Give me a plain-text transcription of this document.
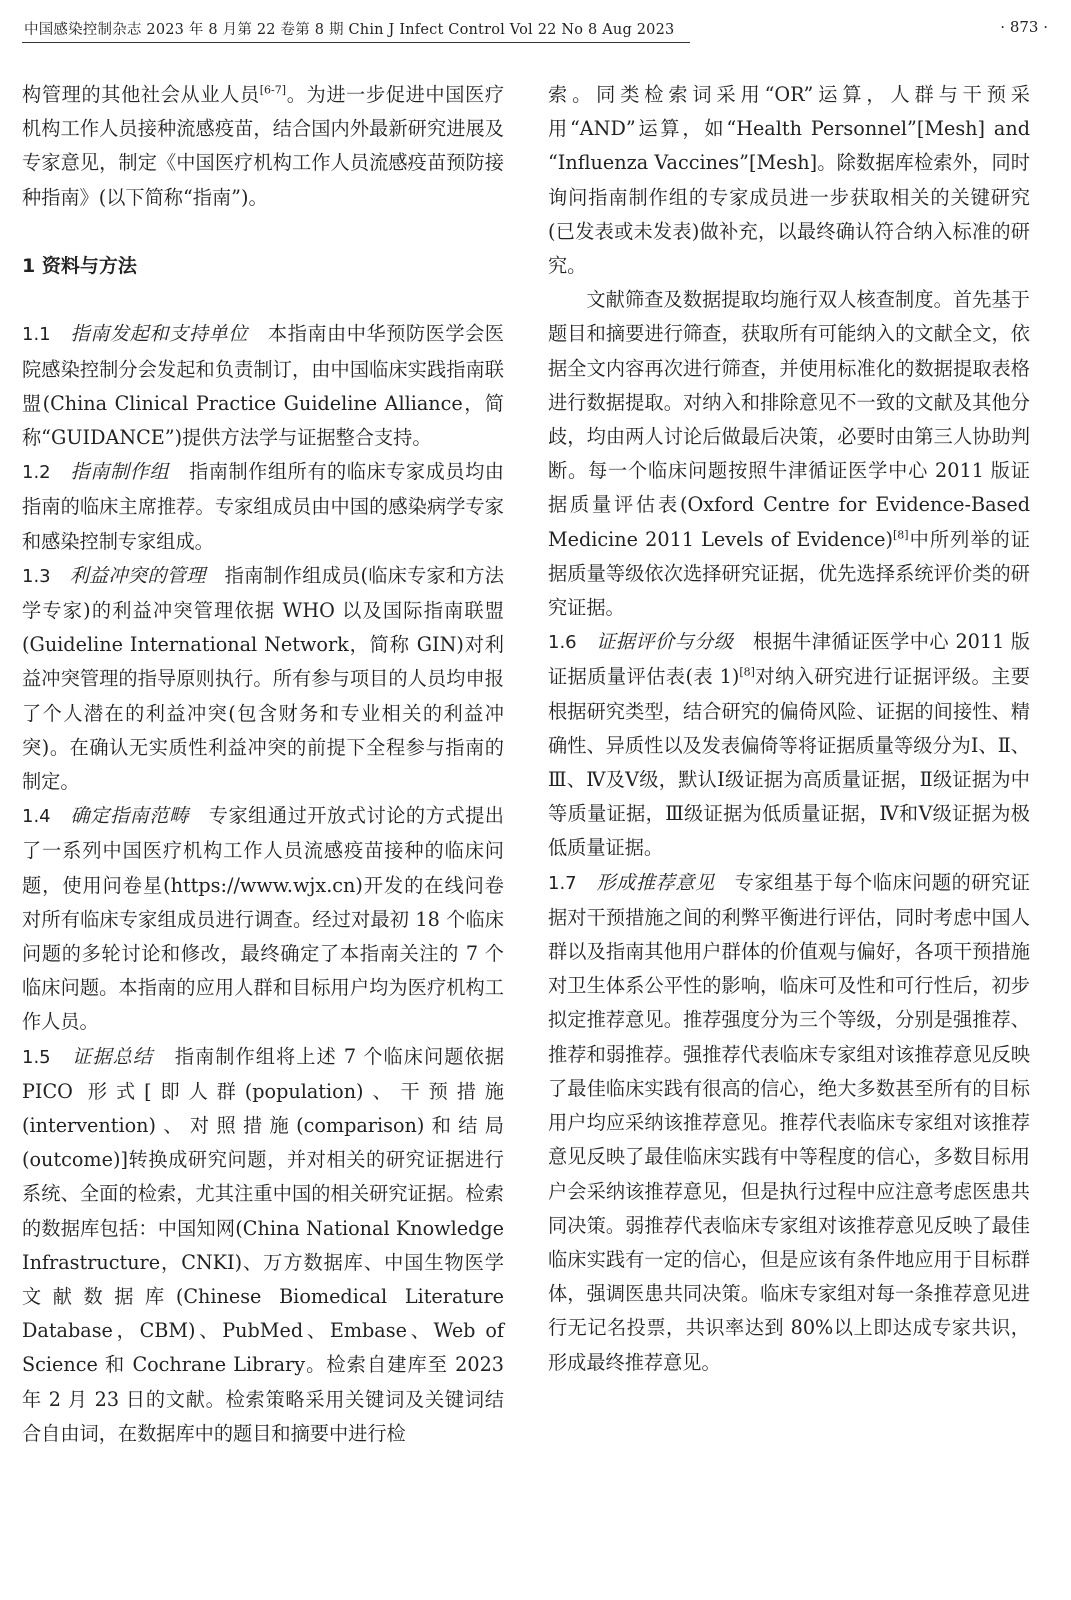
中国感染控制杂志 2023 年 8 月第 22 卷第 8 期 Chin J Infect Control Vol 22 No 8 Aug 2023	· 873 ·

构管理的其他社会从业人员[6-7]。为进一步促进中国医疗机构工作人员接种流感疫苗，结合国内外最新研究进展及专家意见，制定《中国医疗机构工作人员流感疫苗预防接种指南》(以下简称“指南”)。

1 资料与方法

1.1 指南发起和支持单位 本指南由中华预防医学会医院感染控制分会发起和负责制订，由中国临床实践指南联盟(China Clinical Practice Guideline Alliance，简称“GUIDANCE”)提供方法学与证据整合支持。

1.2 指南制作组 指南制作组所有的临床专家成员均由指南的临床主席推荐。专家组成员由中国的感染病学专家和感染控制专家组成。

1.3 利益冲突的管理 指南制作组成员(临床专家和方法学专家)的利益冲突管理依据 WHO 以及国际指南联盟(Guideline International Network，简称 GIN)对利益冲突管理的指导原则执行。所有参与项目的人员均申报了个人潜在的利益冲突(包含财务和专业相关的利益冲突)。在确认无实质性利益冲突的前提下全程参与指南的制定。

1.4 确定指南范畴 专家组通过开放式讨论的方式提出了一系列中国医疗机构工作人员流感疫苗接种的临床问题，使用问卷星(https://www.wjx.cn)开发的在线问卷对所有临床专家组成员进行调查。经过对最初 18 个临床问题的多轮讨论和修改，最终确定了本指南关注的 7 个临床问题。本指南的应用人群和目标用户均为医疗机构工作人员。

1.5 证据总结 指南制作组将上述 7 个临床问题依据 PICO 形式[即人群(population)、干预措施(intervention)、对照措施(comparison)和结局(outcome)]转换成研究问题，并对相关的研究证据进行系统、全面的检索，尤其注重中国的相关研究证据。检索的数据库包括：中国知网(China National Knowledge Infrastructure，CNKI)、万方数据库、中国生物医学文献数据库(Chinese Biomedical Literature Database，CBM)、PubMed、Embase、Web of Science 和 Cochrane Library。检索自建库至 2023 年 2 月 23 日的文献。检索策略采用关键词及关键词结合自由词，在数据库中的题目和摘要中进行检

索。同类检索词采用“OR”运算，人群与干预采用“AND”运算，如“Health Personnel”[Mesh] and “Influenza Vaccines”[Mesh]。除数据库检索外，同时询问指南制作组的专家成员进一步获取相关的关键研究(已发表或未发表)做补充，以最终确认符合纳入标准的研究。

文献筛查及数据提取均施行双人核查制度。首先基于题目和摘要进行筛查，获取所有可能纳入的文献全文，依据全文内容再次进行筛查，并使用标准化的数据提取表格进行数据提取。对纳入和排除意见不一致的文献及其他分歧，均由两人讨论后做最后决策，必要时由第三人协助判断。每一个临床问题按照牛津循证医学中心 2011 版证据质量评估表(Oxford Centre for Evidence-Based Medicine 2011 Levels of Evidence)[8]中所列举的证据质量等级依次选择研究证据，优先选择系统评价类的研究证据。

1.6 证据评价与分级 根据牛津循证医学中心 2011 版证据质量评估表(表 1)[8]对纳入研究进行证据评级。主要根据研究类型，结合研究的偏倚风险、证据的间接性、精确性、异质性以及发表偏倚等将证据质量等级分为Ⅰ、Ⅱ、Ⅲ、Ⅳ及Ⅴ级，默认Ⅰ级证据为高质量证据，Ⅱ级证据为中等质量证据，Ⅲ级证据为低质量证据，Ⅳ和Ⅴ级证据为极低质量证据。

1.7 形成推荐意见 专家组基于每个临床问题的研究证据对干预措施之间的利弊平衡进行评估，同时考虑中国人群以及指南其他用户群体的价值观与偏好，各项干预措施对卫生体系公平性的影响，临床可及性和可行性后，初步拟定推荐意见。推荐强度分为三个等级，分别是强推荐、推荐和弱推荐。强推荐代表临床专家组对该推荐意见反映了最佳临床实践有很高的信心，绝大多数甚至所有的目标用户均应采纳该推荐意见。推荐代表临床专家组对该推荐意见反映了最佳临床实践有中等程度的信心，多数目标用户会采纳该推荐意见，但是执行过程中应注意考虑医患共同决策。弱推荐代表临床专家组对该推荐意见反映了最佳临床实践有一定的信心，但是应该有条件地应用于目标群体，强调医患共同决策。临床专家组对每一条推荐意见进行无记名投票，共识率达到 80%以上即达成专家共识，形成最终推荐意见。
